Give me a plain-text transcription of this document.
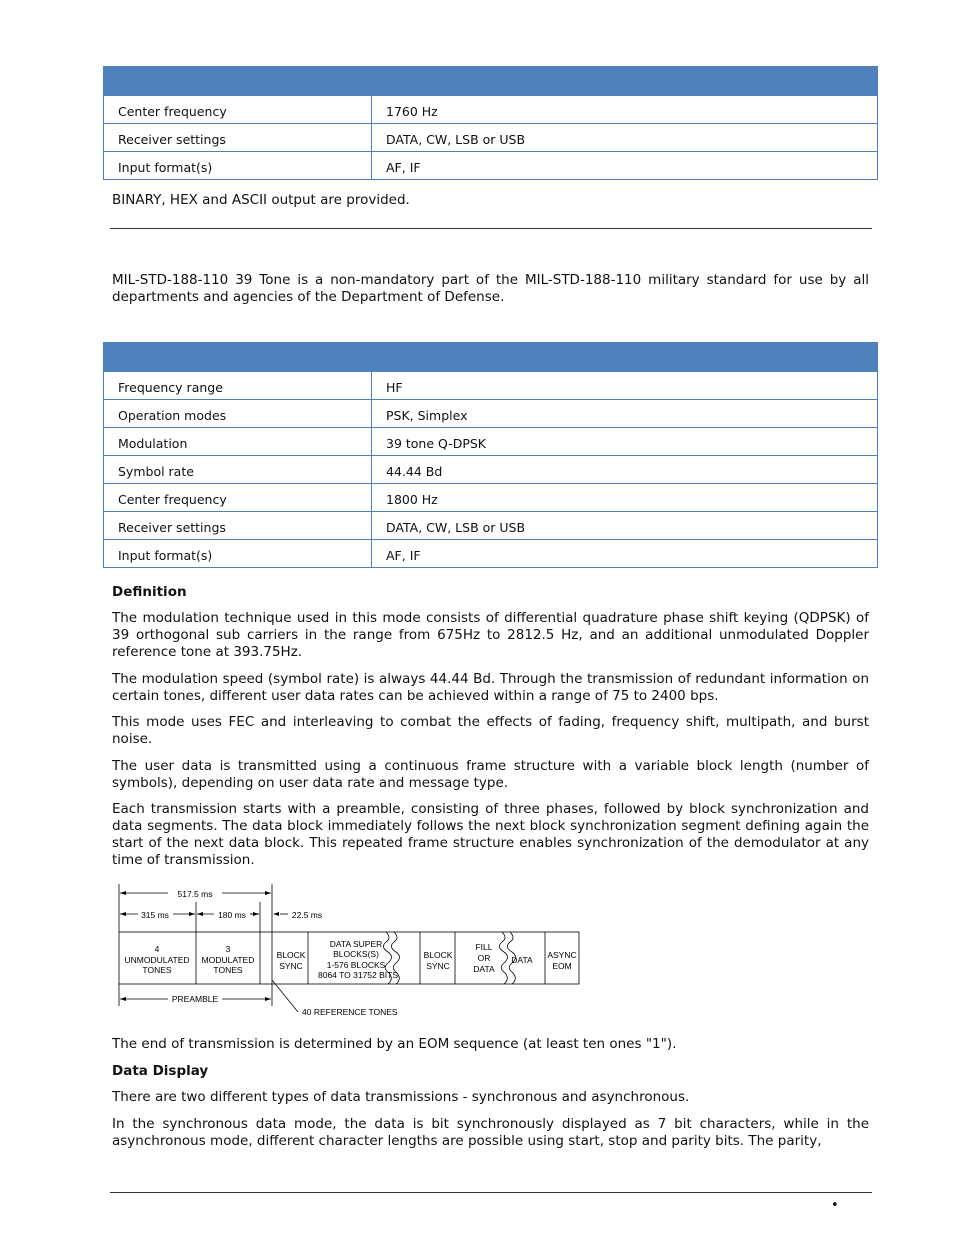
Center frequency	1760 Hz
Receiver settings	DATA, CW, LSB or USB
Input format(s)	AF, IF

BINARY, HEX and ASCII output are provided.

MIL-STD-188-110 39 Tone is a non-mandatory part of the MIL-STD-188-110 military standard for use by all departments and agencies of the Department of Defense.

Frequency range	HF
Operation modes	PSK, Simplex
Modulation	39 tone Q-DPSK
Symbol rate	44.44 Bd
Center frequency	1800 Hz
Receiver settings	DATA, CW, LSB or USB
Input format(s)	AF, IF
Definition

The modulation technique used in this mode consists of differential quadrature phase shift keying (QDPSK) of 39 orthogonal sub carriers in the range from 675Hz to 2812.5 Hz, and an additional unmodulated Doppler reference tone at 393.75Hz.

The modulation speed (symbol rate) is always 44.44 Bd. Through the transmission of redundant information on certain tones, different user data rates can be achieved within a range of 75 to 2400 bps.

This mode uses FEC and interleaving to combat the effects of fading, frequency shift, multipath, and burst noise.

The user data is transmitted using a continuous frame structure with a variable block length (number of symbols), depending on user data rate and message type.

Each transmission starts with a preamble, consisting of three phases, followed by block synchronization and data segments. The data block immediately follows the next block synchronization segment defining again the start of the next data block. This repeated frame structure enables synchronization of the demodulator at any time of transmission.

517.5 ms
315 ms	180 ms	22.5 ms
4
UNMODULATED
TONES
3
MODULATED
TONES
BLOCK
SYNC
DATA SUPER
BLOCKS(S)
1-576 BLOCKS
8064 TO 31752 BITS
BLOCK
SYNC
FILL
OR
DATA
DATA ASYNC
EOM
PREAMBLE
40 REFERENCE TONES

The end of transmission is determined by an EOM sequence (at least ten ones "1").

Data Display

There are two different types of data transmissions - synchronous and asynchronous.

In the synchronous data mode, the data is bit synchronously displayed as 7 bit characters, while in the asynchronous mode, different character lengths are possible using start, stop and parity bits. The parity,

•
